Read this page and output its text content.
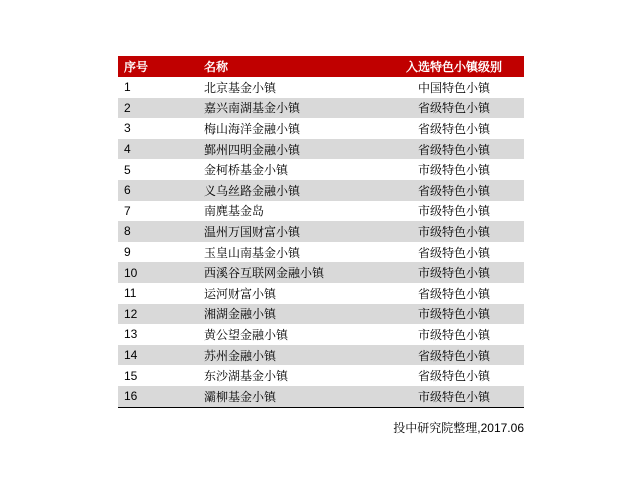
序号	名称	入选特色小镇级别
1	北京基金小镇	中国特色小镇
2	嘉兴南湖基金小镇	省级特色小镇
3	梅山海洋金融小镇	省级特色小镇
4	鄞州四明金融小镇	省级特色小镇
5	金柯桥基金小镇	市级特色小镇
6	义乌丝路金融小镇	省级特色小镇
7	南麂基金岛	市级特色小镇
8	温州万国财富小镇	市级特色小镇
9	玉皇山南基金小镇	省级特色小镇
10	西溪谷互联网金融小镇	市级特色小镇
11	运河财富小镇	省级特色小镇
12	湘湖金融小镇	市级特色小镇
13	黄公望金融小镇	市级特色小镇
14	苏州金融小镇	省级特色小镇
15	东沙湖基金小镇	省级特色小镇
16	灞柳基金小镇	市级特色小镇
投中研究院整理,2017.06
